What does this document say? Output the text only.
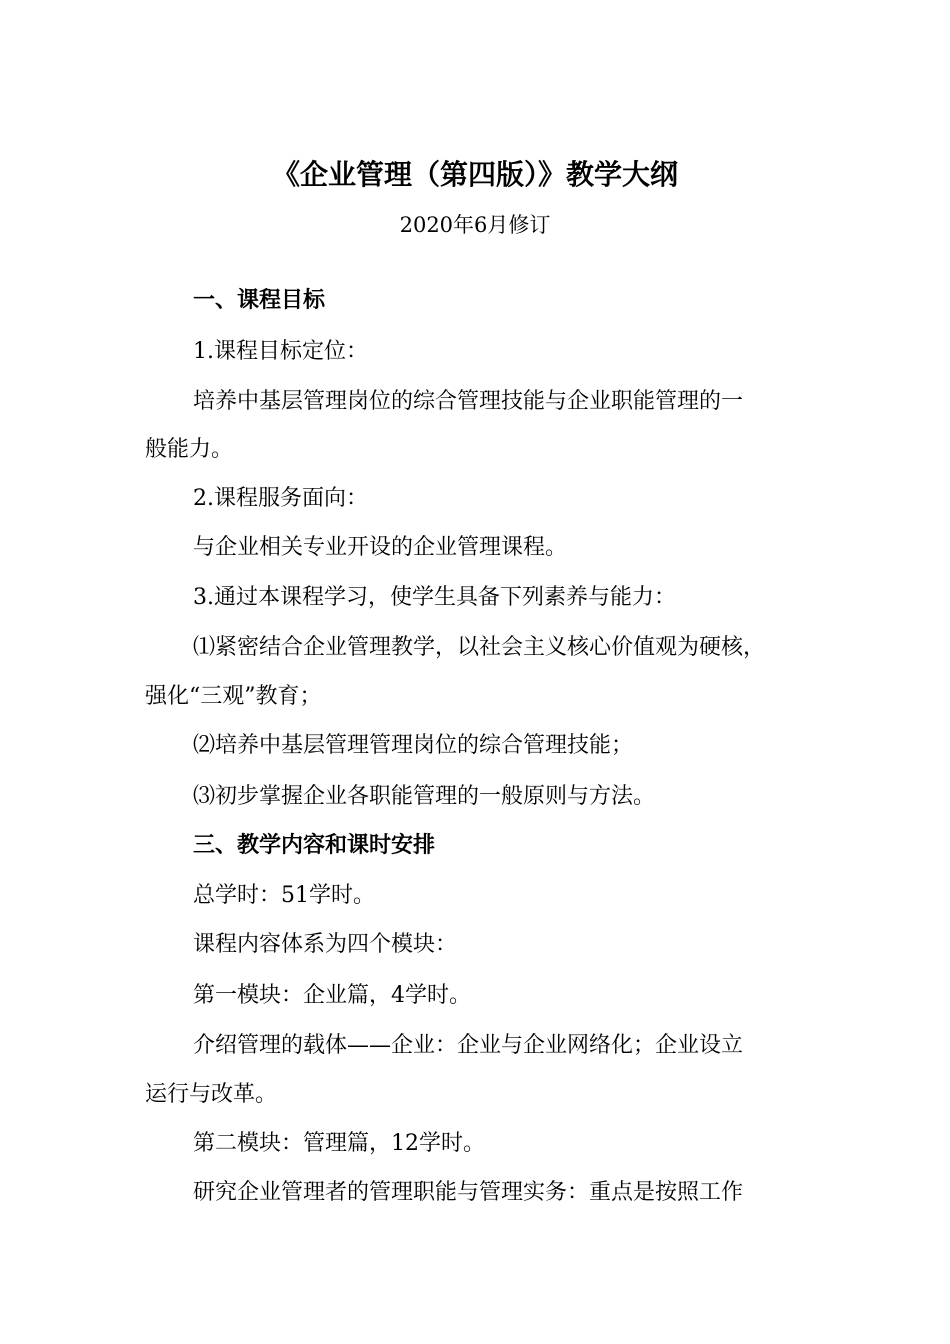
《企业管理（第四版）》教学大纲

2020年6月修订

一、课程目标

1.课程目标定位：

培养中基层管理岗位的综合管理技能与企业职能管理的一

般能力。

2.课程服务面向：

与企业相关专业开设的企业管理课程。

3.通过本课程学习，使学生具备下列素养与能力：

⑴紧密结合企业管理教学，以社会主义核心价值观为硬核，

强化“三观”教育；

⑵培养中基层管理管理岗位的综合管理技能；

⑶初步掌握企业各职能管理的一般原则与方法。

三、教学内容和课时安排

总学时：51学时。

课程内容体系为四个模块：

第一模块：企业篇，4学时。

介绍管理的载体——企业：企业与企业网络化；企业设立

运行与改革。

第二模块：管理篇，12学时。

研究企业管理者的管理职能与管理实务：重点是按照工作
